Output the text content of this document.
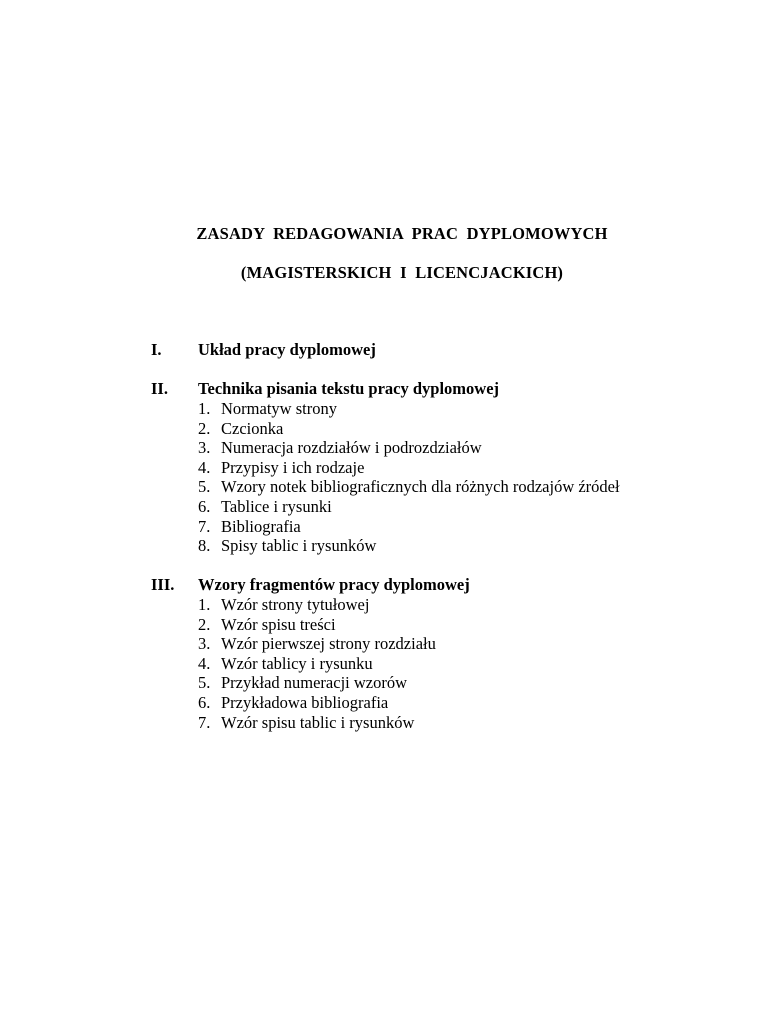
ZASADY  REDAGOWANIA  PRAC  DYPLOMOWYCH
(MAGISTERSKICH  I  LICENCJACKICH)
I. Układ pracy dyplomowej
II. Technika pisania tekstu pracy dyplomowej
1. Normatyw strony
2. Czcionka
3. Numeracja rozdziałów i podrozdziałów
4. Przypisy i ich rodzaje
5. Wzory notek bibliograficznych dla różnych rodzajów źródeł
6. Tablice i rysunki
7. Bibliografia
8. Spisy tablic i rysunków
III. Wzory fragmentów pracy dyplomowej
1. Wzór strony tytułowej
2. Wzór spisu treści
3. Wzór pierwszej strony rozdziału
4. Wzór tablicy i rysunku
5. Przykład numeracji wzorów
6. Przykładowa bibliografia
7. Wzór spisu tablic i rysunków
